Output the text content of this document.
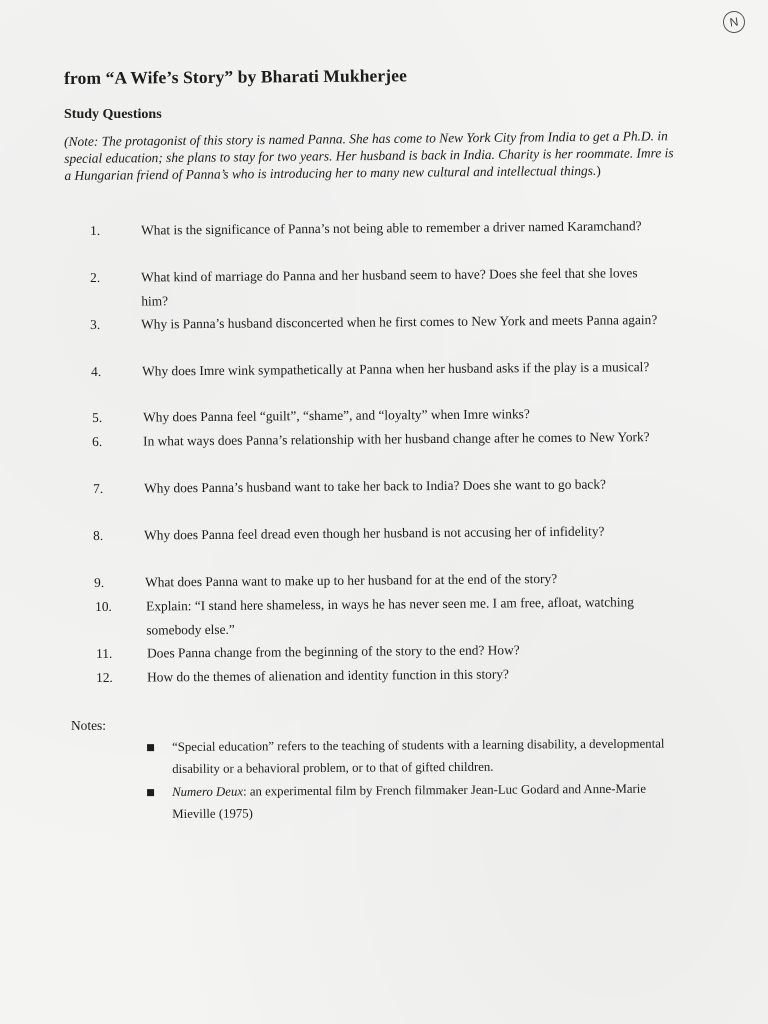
N
from “A Wife’s Story” by Bharati Mukherjee
Study Questions
(Note: The protagonist of this story is named Panna. She has come to New York City from India to get a Ph.D. in special education; she plans to stay for two years. Her husband is back in India. Charity is her roommate. Imre is a Hungarian friend of Panna’s who is introducing her to many new cultural and intellectual things.)
1.	What is the significance of Panna’s not being able to remember a driver named Karamchand?
2.	What kind of marriage do Panna and her husband seem to have? Does she feel that she loves him?
3.	Why is Panna’s husband disconcerted when he first comes to New York and meets Panna again?
4.	Why does Imre wink sympathetically at Panna when her husband asks if the play is a musical?
5.	Why does Panna feel “guilt”, “shame”, and “loyalty” when Imre winks?
6.	In what ways does Panna’s relationship with her husband change after he comes to New York?
7.	Why does Panna’s husband want to take her back to India? Does she want to go back?
8.	Why does Panna feel dread even though her husband is not accusing her of infidelity?
9.	What does Panna want to make up to her husband for at the end of the story?
10.	Explain: “I stand here shameless, in ways he has never seen me. I am free, afloat, watching somebody else.”
11.	Does Panna change from the beginning of the story to the end? How?
12.	How do the themes of alienation and identity function in this story?
Notes:
“Special education” refers to the teaching of students with a learning disability, a developmental disability or a behavioral problem, or to that of gifted children.
Numero Deux: an experimental film by French filmmaker Jean-Luc Godard and Anne-Marie Mieville (1975)
